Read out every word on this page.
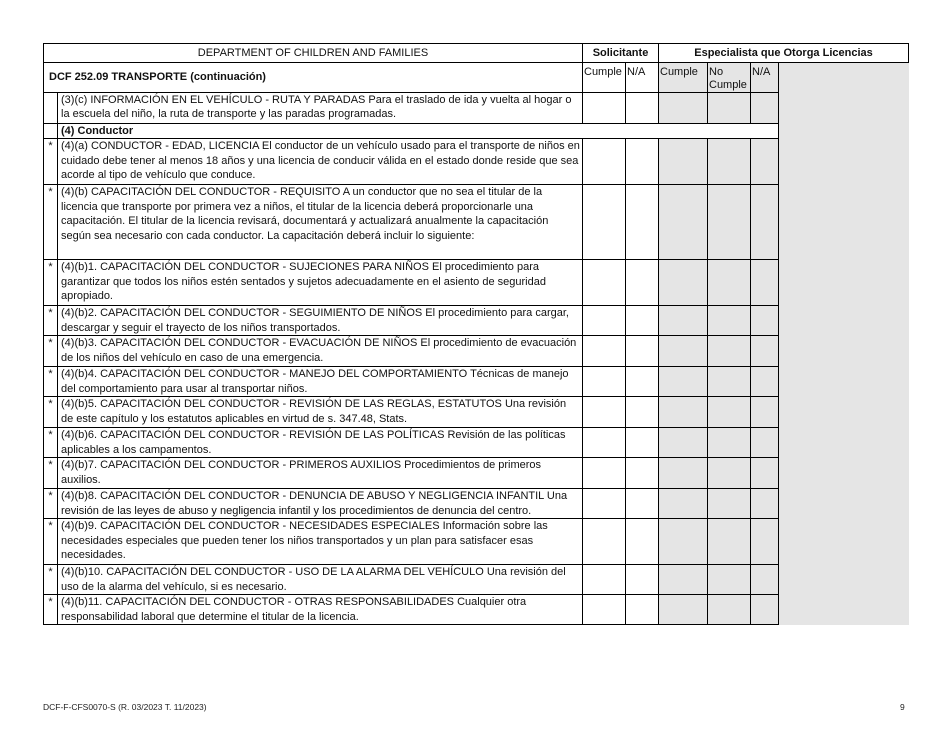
DEPARTMENT OF CHILDREN AND FAMILIES		Solicitante		Especialista que Otorga Licencias			
DCF 252.09 TRANSPORTE (continuación)		Cumple	N/A	Cumple	No Cumple	N/A	
	(3)(c) INFORMACIÓN EN EL VEHÍCULO - RUTA Y PARADAS Para el traslado de ida y vuelta al hogar o la escuela del niño, la ruta de transporte y las paradas programadas.						
	(4) Conductor						
*	(4)(a) CONDUCTOR - EDAD, LICENCIA El conductor de un vehículo usado para el transporte de niños en cuidado debe tener al menos 18 años y una licencia de conducir válida en el estado donde reside que sea acorde al tipo de vehículo que conduce.						
*	(4)(b) CAPACITACIÓN DEL CONDUCTOR - REQUISITO A un conductor que no sea el titular de la licencia que transporte por primera vez a niños, el titular de la licencia deberá proporcionarle una capacitación. El titular de la licencia revisará, documentará y actualizará anualmente la capacitación según sea necesario con cada conductor. La capacitación deberá incluir lo siguiente:						
*	(4)(b)1. CAPACITACIÓN DEL CONDUCTOR - SUJECIONES PARA NIÑOS El procedimiento para garantizar que todos los niños estén sentados y sujetos adecuadamente en el asiento de seguridad apropiado.						
*	(4)(b)2. CAPACITACIÓN DEL CONDUCTOR - SEGUIMIENTO DE NIÑOS El procedimiento para cargar, descargar y seguir el trayecto de los niños transportados.						
*	(4)(b)3. CAPACITACIÓN DEL CONDUCTOR - EVACUACIÓN DE NIÑOS El procedimiento de evacuación de los niños del vehículo en caso de una emergencia.						
*	(4)(b)4. CAPACITACIÓN DEL CONDUCTOR - MANEJO DEL COMPORTAMIENTO Técnicas de manejo del comportamiento para usar al transportar niños.						
*	(4)(b)5. CAPACITACIÓN DEL CONDUCTOR - REVISIÓN DE LAS REGLAS, ESTATUTOS Una revisión de este capítulo y los estatutos aplicables en virtud de s. 347.48, Stats.						
*	(4)(b)6. CAPACITACIÓN DEL CONDUCTOR - REVISIÓN DE LAS POLÍTICAS Revisión de las políticas aplicables a los campamentos.						
*	(4)(b)7. CAPACITACIÓN DEL CONDUCTOR - PRIMEROS AUXILIOS Procedimientos de primeros auxilios.						
*	(4)(b)8. CAPACITACIÓN DEL CONDUCTOR - DENUNCIA DE ABUSO Y NEGLIGENCIA INFANTIL Una revisión de las leyes de abuso y negligencia infantil y los procedimientos de denuncia del centro.						
*	(4)(b)9. CAPACITACIÓN DEL CONDUCTOR - NECESIDADES ESPECIALES Información sobre las necesidades especiales que pueden tener los niños transportados y un plan para satisfacer esas necesidades.						
*	(4)(b)10. CAPACITACIÓN DEL CONDUCTOR - USO DE LA ALARMA DEL VEHÍCULO Una revisión del uso de la alarma del vehículo, si es necesario.						
*	(4)(b)11. CAPACITACIÓN DEL CONDUCTOR - OTRAS RESPONSABILIDADES Cualquier otra responsabilidad laboral que determine el titular de la licencia.						
DCF-F-CFS0070-S (R. 03/2023 T. 11/2023)	9
